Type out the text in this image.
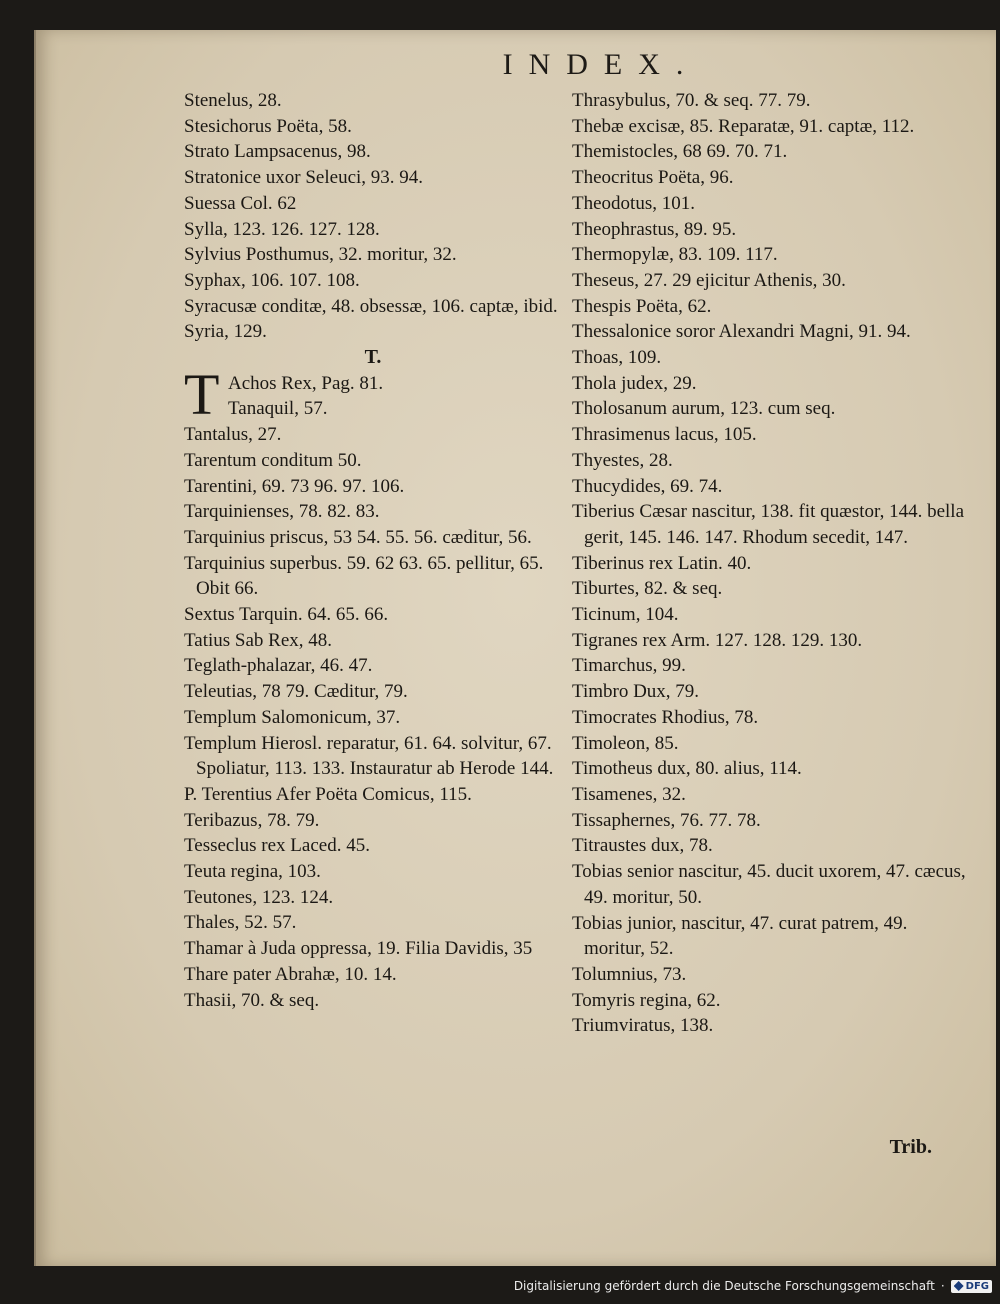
INDEX.

Stenelus, 28.

Stesichorus Poëta, 58.

Strato Lampsacenus, 98.

Stratonice uxor Seleuci, 93. 94.

Suessa Col. 62

Sylla, 123. 126. 127. 128.

Sylvius Posthumus, 32. moritur, 32.

Syphax, 106. 107. 108.

Syracusæ conditæ, 48. obsessæ, 106. captæ, ibid.

Syria, 129.

T.

T Achos Rex, Pag. 81.
Tanaquil, 57.

Tantalus, 27.

Tarentum conditum 50.

Tarentini, 69. 73 96. 97. 106.

Tarquinienses, 78. 82. 83.

Tarquinius priscus, 53 54. 55. 56. cæditur, 56.

Tarquinius superbus. 59. 62 63. 65. pellitur, 65. Obit 66.

Sextus Tarquin. 64. 65. 66.

Tatius Sab Rex, 48.

Teglath-phalazar, 46. 47.

Teleutias, 78 79. Cæditur, 79.

Templum Salomonicum, 37.

Templum Hierosl. reparatur, 61. 64. solvitur, 67. Spoliatur, 113. 133. Instauratur ab Herode 144.

P. Terentius Afer Poëta Comicus, 115.

Teribazus, 78. 79.

Tesseclus rex Laced. 45.

Teuta regina, 103.

Teutones, 123. 124.

Thales, 52. 57.

Thamar à Juda oppressa, 19. Filia Davidis, 35

Thare pater Abrahæ, 10. 14.

Thasii, 70. & seq.

Thrasybulus, 70. & seq. 77. 79.

Thebæ excisæ, 85. Reparatæ, 91. captæ, 112.

Themistocles, 68 69. 70. 71.

Theocritus Poëta, 96.

Theodotus, 101.

Theophrastus, 89. 95.

Thermopylæ, 83. 109. 117.

Theseus, 27. 29 ejicitur Athenis, 30.

Thespis Poëta, 62.

Thessalonice soror Alexandri Magni, 91. 94.

Thoas, 109.

Thola judex, 29.

Tholosanum aurum, 123. cum seq.

Thrasimenus lacus, 105.

Thyestes, 28.

Thucydides, 69. 74.

Tiberius Cæsar nascitur, 138. fit quæstor, 144. bella gerit, 145. 146. 147. Rhodum secedit, 147.

Tiberinus rex Latin. 40.

Tiburtes, 82. & seq.

Ticinum, 104.

Tigranes rex Arm. 127. 128. 129. 130.

Timarchus, 99.

Timbro Dux, 79.

Timocrates Rhodius, 78.

Timoleon, 85.

Timotheus dux, 80. alius, 114.

Tisamenes, 32.

Tissaphernes, 76. 77. 78.

Titraustes dux, 78.

Tobias senior nascitur, 45. ducit uxorem, 47. cæcus, 49. moritur, 50.

Tobias junior, nascitur, 47. curat patrem, 49. moritur, 52.

Tolumnius, 73.

Tomyris regina, 62.

Triumviratus, 138.

Trib.
Digitalisierung gefördert durch die Deutsche Forschungsgemeinschaft · DFG
